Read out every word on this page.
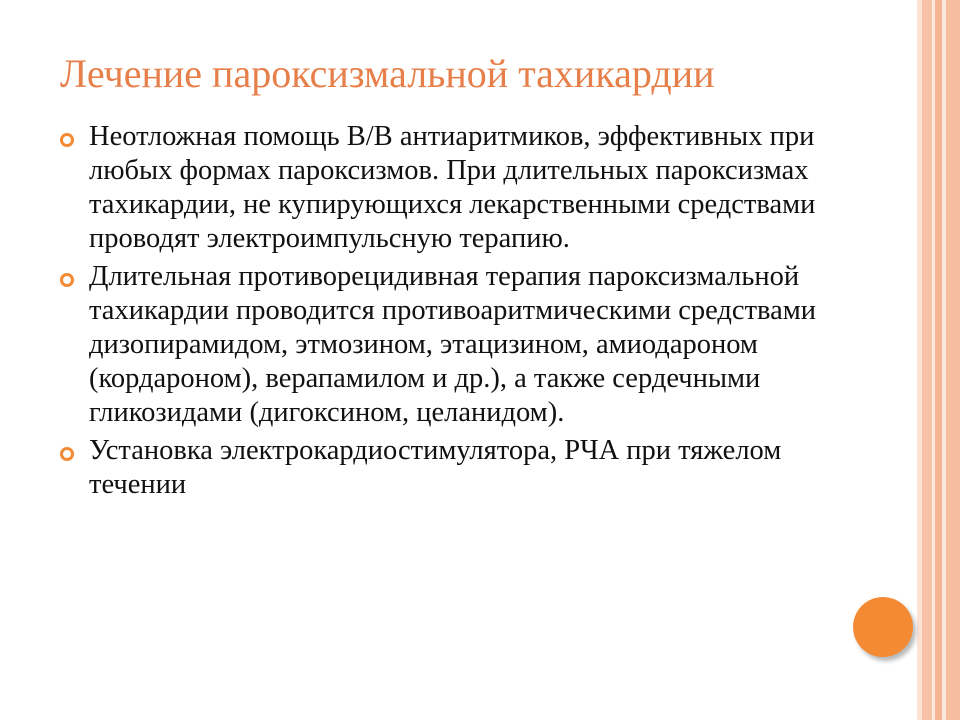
Лечение пароксизмальной тахикардии
Неотложная помощь В/В антиаритмиков, эффективных при любых формах пароксизмов. При длительных пароксизмах тахикардии, не купирующихся лекарственными средствами проводят электроимпульсную терапию.
Длительная противорецидивная терапия пароксизмальной тахикардии проводится противоаритмическими средствами дизопирамидом, этмозином, этацизином, амиодароном (кордароном), верапамилом и др.), а также сердечными гликозидами (дигоксином, целанидом).
Установка электрокардиостимулятора, РЧА при тяжелом течении
